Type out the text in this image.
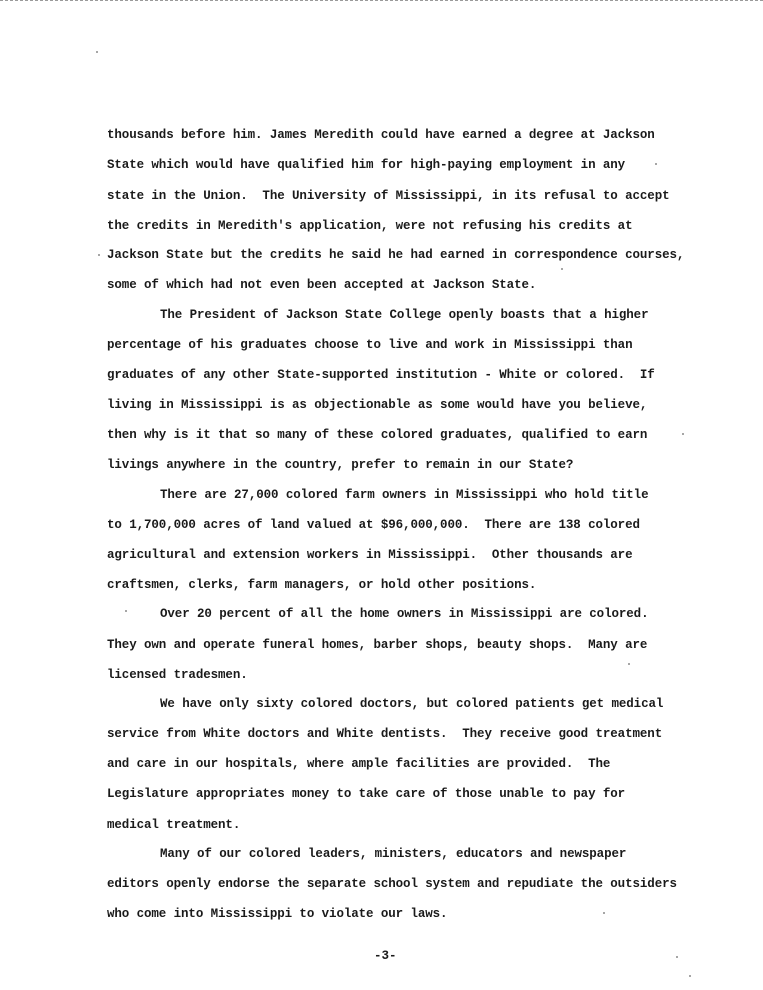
thousands before him. James Meredith could have earned a degree at Jackson
State which would have qualified him for high-paying employment in any
state in the Union.  The University of Mississippi, in its refusal to accept
the credits in Meredith's application, were not refusing his credits at
Jackson State but the credits he said he had earned in correspondence courses,
some of which had not even been accepted at Jackson State.
The President of Jackson State College openly boasts that a higher
percentage of his graduates choose to live and work in Mississippi than
graduates of any other State-supported institution - White or colored.  If
living in Mississippi is as objectionable as some would have you believe,
then why is it that so many of these colored graduates, qualified to earn
livings anywhere in the country, prefer to remain in our State?
There are 27,000 colored farm owners in Mississippi who hold title
to 1,700,000 acres of land valued at $96,000,000.  There are 138 colored
agricultural and extension workers in Mississippi.  Other thousands are
craftsmen, clerks, farm managers, or hold other positions.
Over 20 percent of all the home owners in Mississippi are colored.
They own and operate funeral homes, barber shops, beauty shops.  Many are
licensed tradesmen.
We have only sixty colored doctors, but colored patients get medical
service from White doctors and White dentists.  They receive good treatment
and care in our hospitals, where ample facilities are provided.  The
Legislature appropriates money to take care of those unable to pay for
medical treatment.
Many of our colored leaders, ministers, educators and newspaper
editors openly endorse the separate school system and repudiate the outsiders
who come into Mississippi to violate our laws.
-3-
